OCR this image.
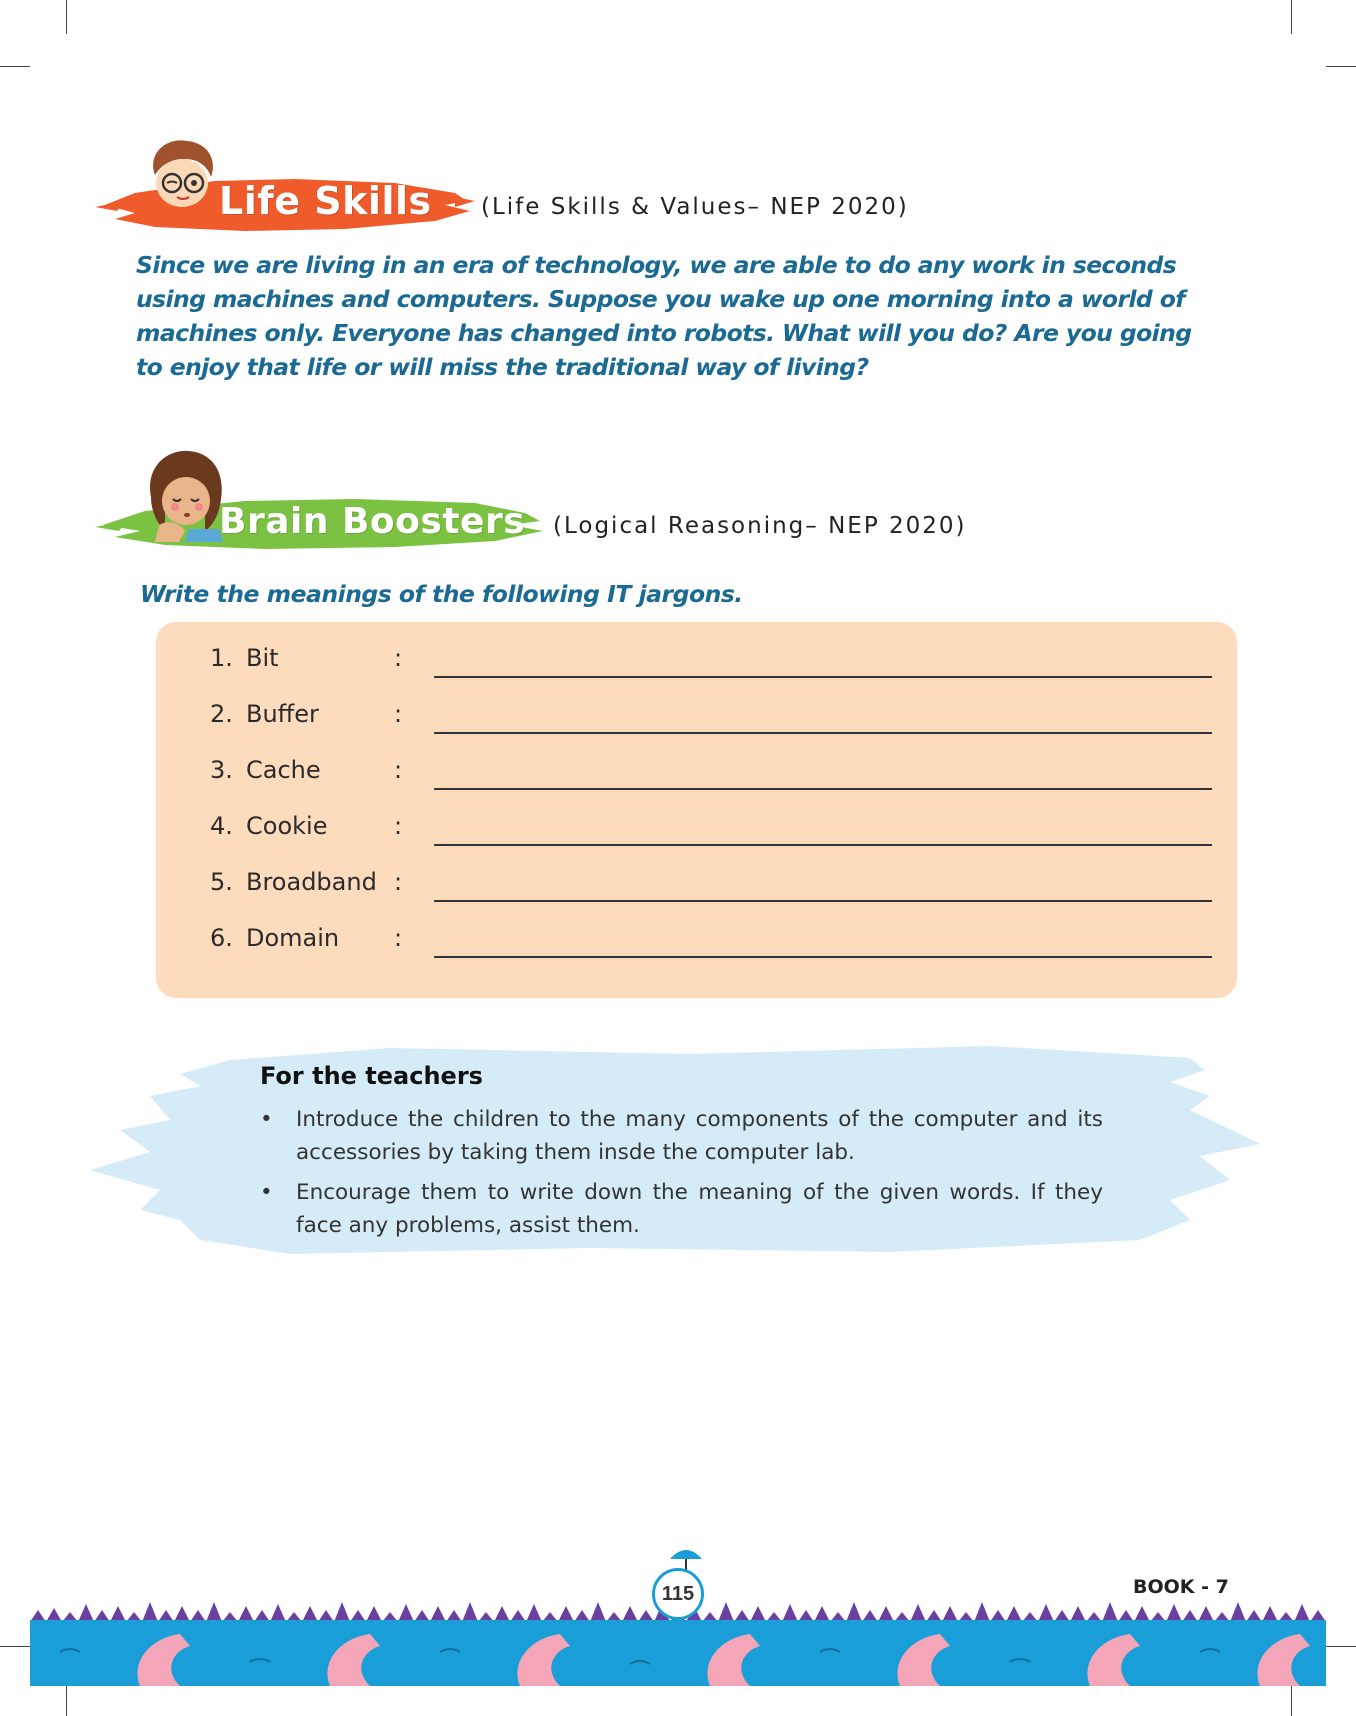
Life Skills (Life Skills & Values– NEP 2020)

Since we are living in an era of technology, we are able to do any work in seconds using machines and computers. Suppose you wake up one morning into a world of machines only. Everyone has changed into robots. What will you do? Are you going to enjoy that life or will miss the traditional way of living?

Brain Boosters (Logical Reasoning– NEP 2020)

Write the meanings of the following IT jargons.

1. Bit	:
2. Buffer	:
3. Cache	:
4. Cookie	:
5. Broadband :
6. Domain :
For the teachers
• Introduce the children to the many components of the computer and its accessories by taking them insde the computer lab.
• Encourage them to write down the meaning of the given words. If they face any problems, assist them.
115	BOOK - 7
